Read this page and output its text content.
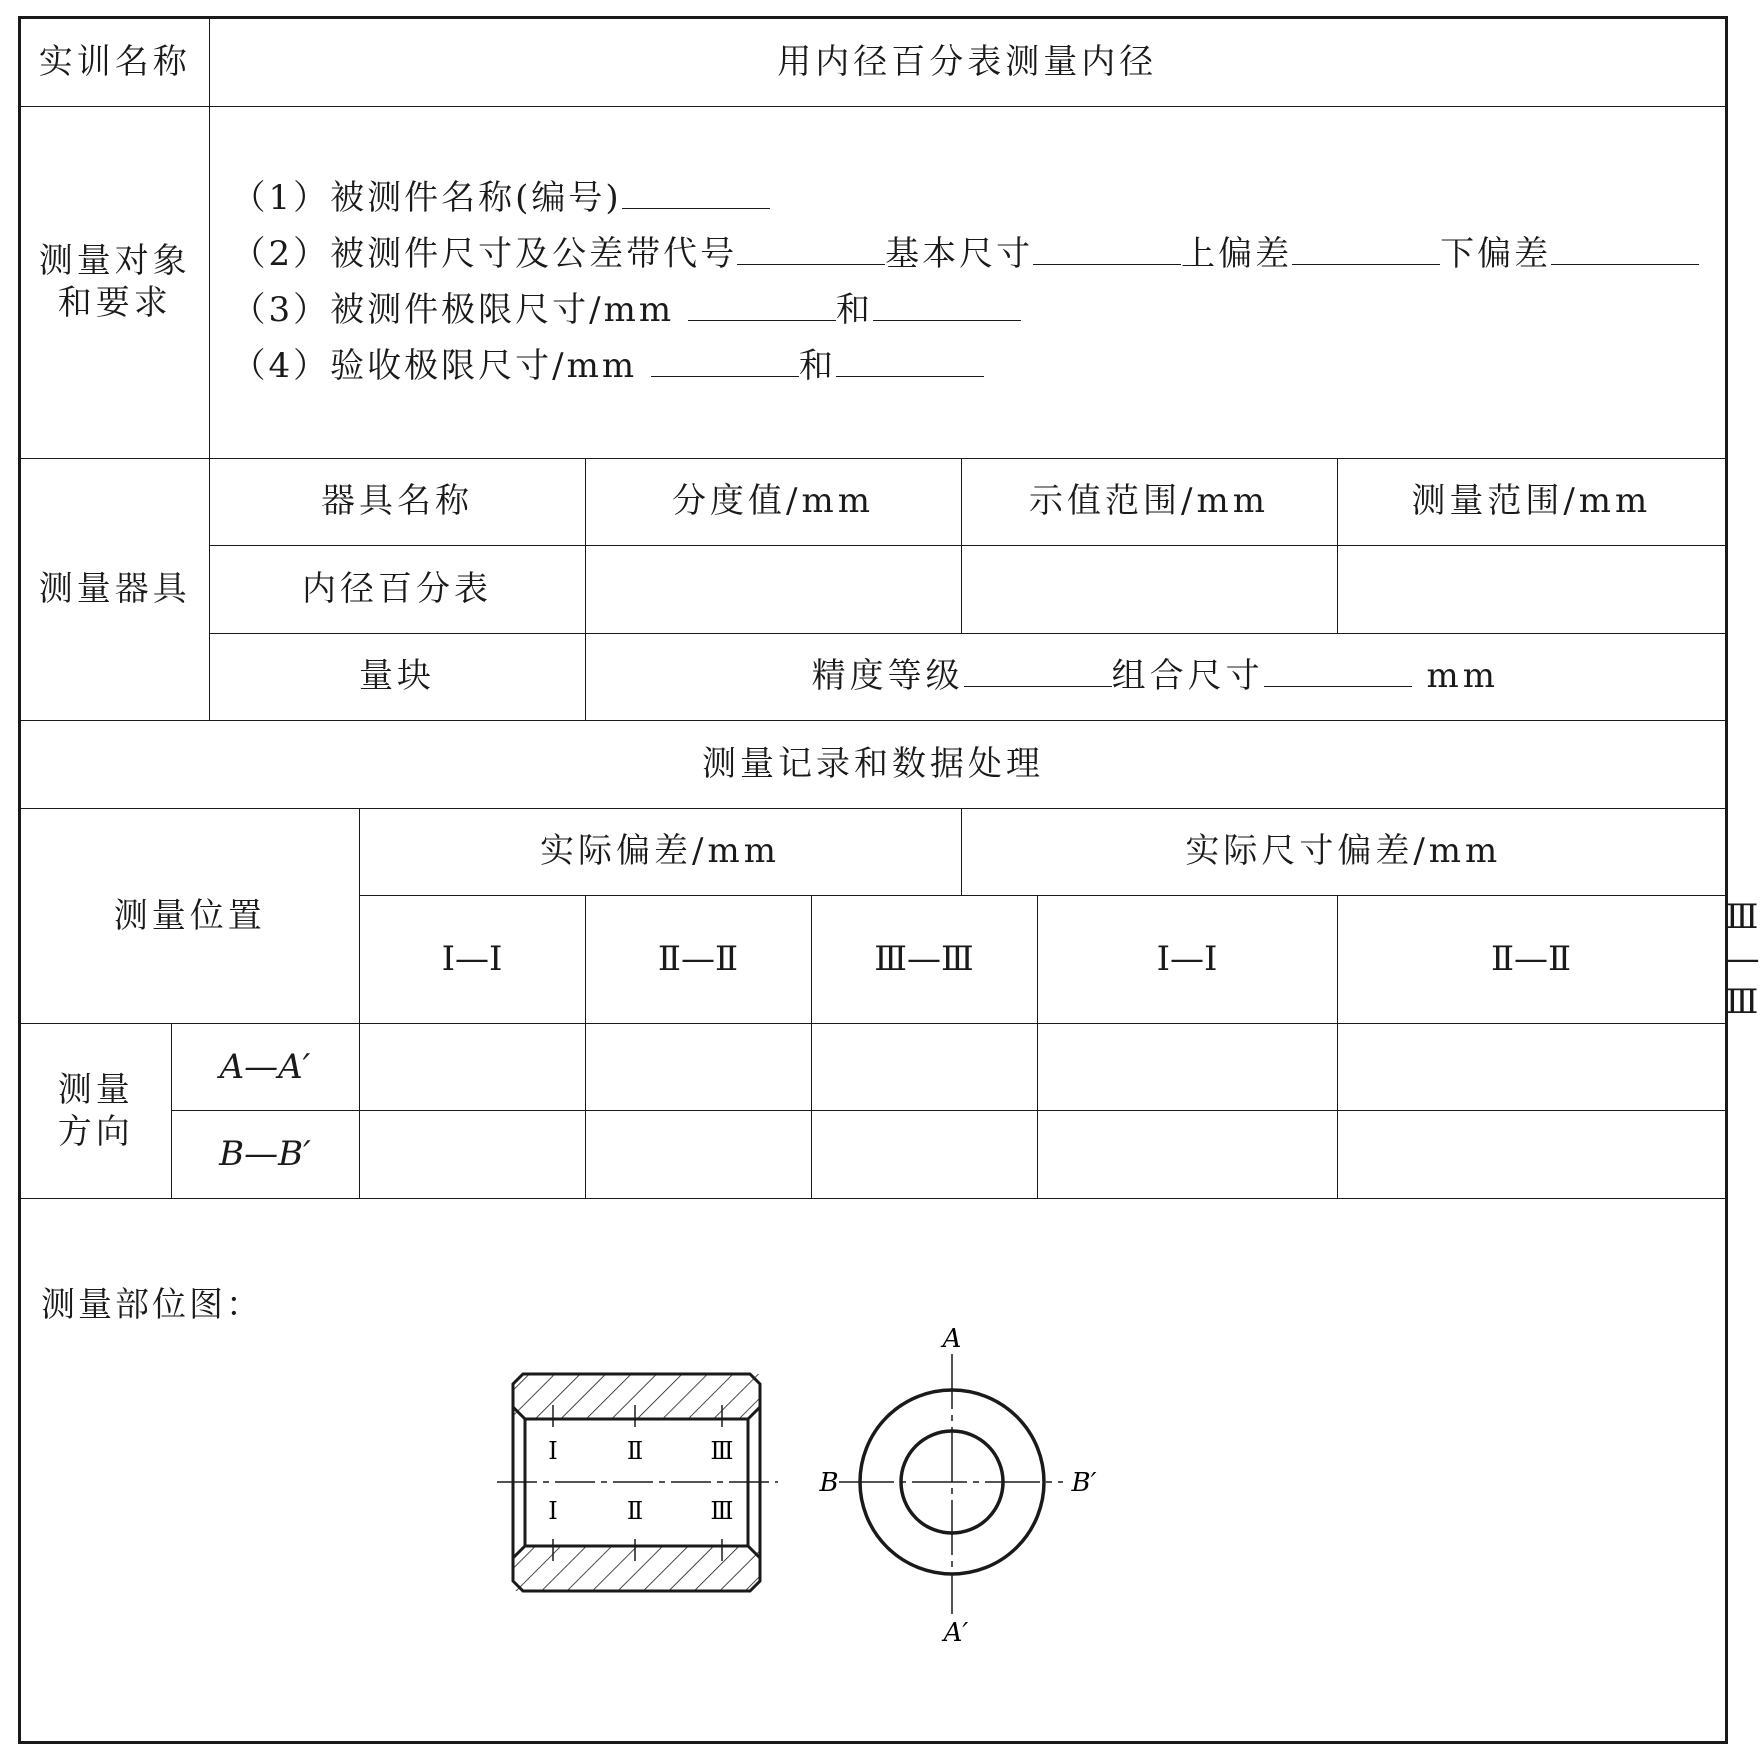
实训名称		用内径百分表测量内径							
测量对象
和要求		（1）被测件名称(编号)
（2）被测件尺寸及公差带代号 基本尺寸 上偏差 下偏差
（3）被测件极限尺寸/mm 和
（4）验收极限尺寸/mm 和							

测量器具		器具名称		分度值/mm		示值范围/mm		测量范围/mm	
		内径百分表							
		量块		精度等级 组合尺寸 mm					
测量记录和数据处理									
测量位置			实际偏差/mm			实际尺寸偏差/mm			
			Ⅰ—Ⅰ	Ⅱ—Ⅱ	Ⅲ—Ⅲ		Ⅰ—Ⅰ	Ⅱ—Ⅱ	Ⅲ—Ⅲ
测量
方向	A—A′								
	B—B′								
测量部位图：
Ⅰ	Ⅱ	Ⅲ
Ⅰ	Ⅱ	Ⅲ
A
A′
B	B′
